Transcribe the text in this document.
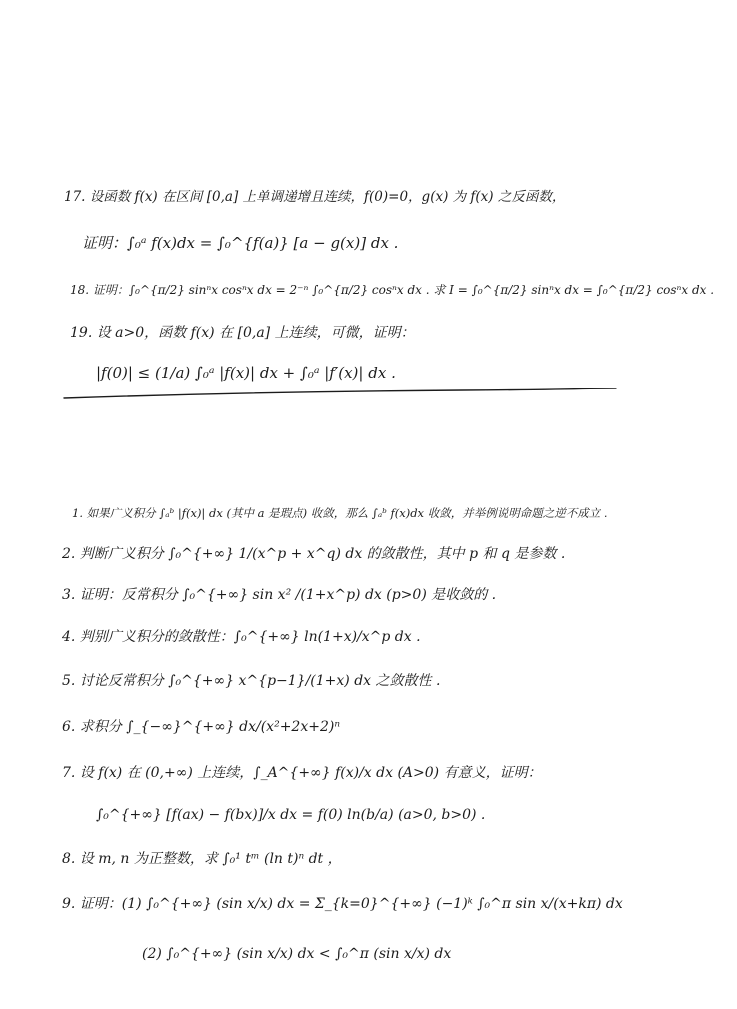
17. 设函数 f(x) 在区间 [0,a] 上单调递增且连续，f(0)=0，g(x) 为 f(x) 之反函数，
证明：∫₀ᵃ f(x)dx = ∫₀^{f(a)} [a − g(x)] dx .
18. 证明：∫₀^{π/2} sinⁿx cosⁿx dx = 2⁻ⁿ ∫₀^{π/2} cosⁿx dx . 求 I = ∫₀^{π/2} sinⁿx dx = ∫₀^{π/2} cosⁿx dx .
19. 设 a>0，函数 f(x) 在 [0,a] 上连续，可微，证明：
|f(0)| ≤ (1/a) ∫₀ᵃ |f(x)| dx + ∫₀ᵃ |f′(x)| dx .
1. 如果广义积分 ∫ₐᵇ |f(x)| dx (其中 a 是瑕点) 收敛，那么 ∫ₐᵇ f(x)dx 收敛，并举例说明命题之逆不成立 .
2. 判断广义积分 ∫₀^{+∞} 1/(x^p + x^q) dx 的敛散性，其中 p 和 q 是参数 .
3. 证明：反常积分 ∫₀^{+∞} sin x² /(1+x^p) dx (p>0) 是收敛的 .
4. 判别广义积分的敛散性：∫₀^{+∞} ln(1+x)/x^p dx .
5. 讨论反常积分 ∫₀^{+∞} x^{p−1}/(1+x) dx 之敛散性 .
6. 求积分 ∫_{−∞}^{+∞} dx/(x²+2x+2)ⁿ
7. 设 f(x) 在 (0,+∞) 上连续，∫_A^{+∞} f(x)/x dx (A>0) 有意义，证明：
∫₀^{+∞} [f(ax) − f(bx)]/x dx = f(0) ln(b/a) (a>0, b>0) .
8. 设 m, n 为正整数，求 ∫₀¹ tᵐ (ln t)ⁿ dt ，
9. 证明：(1) ∫₀^{+∞} (sin x/x) dx = Σ_{k=0}^{+∞} (−1)ᵏ ∫₀^π sin x/(x+kπ) dx
(2) ∫₀^{+∞} (sin x/x) dx < ∫₀^π (sin x/x) dx
